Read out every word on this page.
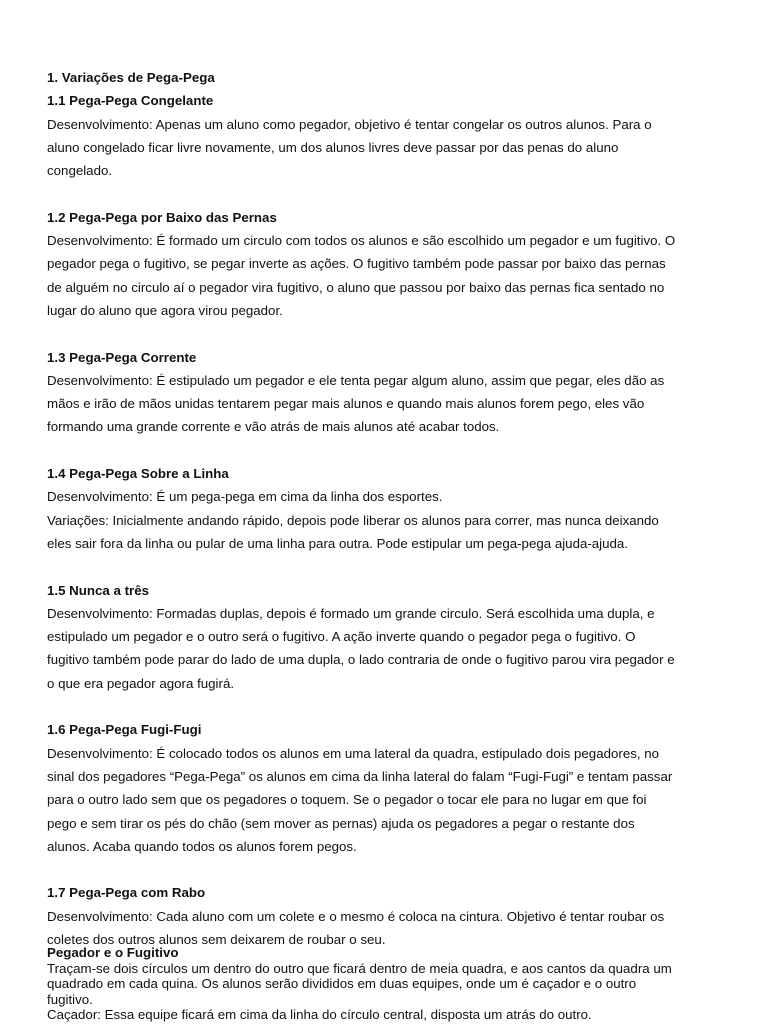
1. Variações de Pega-Pega
1.1 Pega-Pega Congelante
Desenvolvimento: Apenas um aluno como pegador, objetivo é tentar congelar os outros alunos. Para o
aluno congelado ficar livre novamente, um dos alunos livres deve passar por das penas do aluno
congelado.
1.2 Pega-Pega por Baixo das Pernas
Desenvolvimento: É formado um circulo com todos os alunos e são escolhido um pegador e um fugitivo. O
pegador pega o fugitivo, se pegar inverte as ações. O fugitivo também pode passar por baixo das pernas
de alguém no circulo aí o pegador vira fugitivo, o aluno que passou por baixo das pernas fica sentado no
lugar do aluno que agora virou pegador.
1.3 Pega-Pega Corrente
Desenvolvimento: É estipulado um pegador e ele tenta pegar algum aluno, assim que pegar, eles dão as
mãos e irão de mãos unidas tentarem pegar mais alunos e quando mais alunos forem pego, eles vão
formando uma grande corrente e vão atrás de mais alunos até acabar todos.
1.4 Pega-Pega Sobre a Linha
Desenvolvimento: É um pega-pega em cima da linha dos esportes.
Variações: Inicialmente andando rápido, depois pode liberar os alunos para correr, mas nunca deixando
eles sair fora da linha ou pular de uma linha para outra. Pode estipular um pega-pega ajuda-ajuda.
1.5 Nunca a três
Desenvolvimento: Formadas duplas, depois é formado um grande circulo. Será escolhida uma dupla, e
estipulado um pegador e o outro será o fugitivo. A ação inverte quando o pegador pega o fugitivo. O
fugitivo também pode parar do lado de uma dupla, o lado contraria de onde o fugitivo parou vira pegador e
o que era pegador agora fugirá.
1.6 Pega-Pega Fugi-Fugi
Desenvolvimento: É colocado todos os alunos em uma lateral da quadra, estipulado dois pegadores, no
sinal dos pegadores “Pega-Pega” os alunos em cima da linha lateral do falam “Fugi-Fugi” e tentam passar
para o outro lado sem que os pegadores o toquem. Se o pegador o tocar ele para no lugar em que foi
pego e sem tirar os pés do chão (sem mover as pernas) ajuda os pegadores a pegar o restante dos
alunos. Acaba quando todos os alunos forem pegos.
1.7 Pega-Pega com Rabo
Desenvolvimento: Cada aluno com um colete e o mesmo é coloca na cintura. Objetivo é tentar roubar os
coletes dos outros alunos sem deixarem de roubar o seu.
Pegador e o Fugitivo
Traçam-se dois círculos um dentro do outro que ficará dentro de meia quadra, e aos cantos da quadra um
quadrado em cada quina. Os alunos serão divididos em duas equipes, onde um é caçador e o outro
fugitivo.
Caçador: Essa equipe ficará em cima da linha do círculo central, disposta um atrás do outro.
